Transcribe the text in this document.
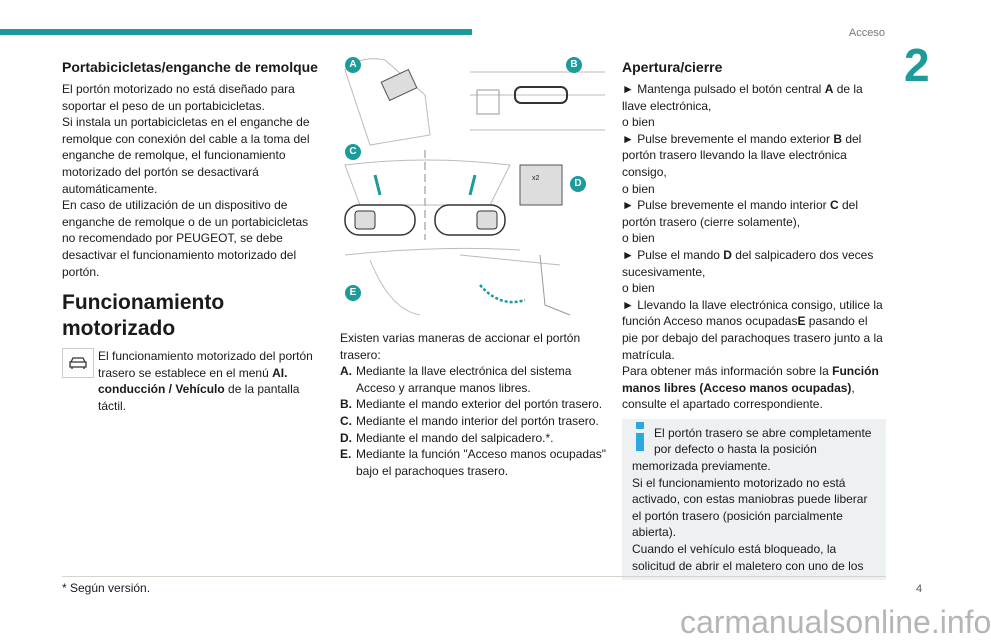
Acceso
2
Portabicicletas/enganche de remolque

El portón motorizado no está diseñado para soportar el peso de un portabicicletas.

Si instala un portabicicletas en el enganche de remolque con conexión del cable a la toma del enganche de remolque, el funcionamiento motorizado del portón se desactivará automáticamente.

En caso de utilización de un dispositivo de enganche de remolque o de un portabicicletas no recomendado por PEUGEOT, se debe desactivar el funcionamiento motorizado del portón.

Funcionamiento motorizado

El funcionamiento motorizado del portón trasero se establece en el menú AI. conducción / Vehículo de la pantalla táctil.

x2
A	B
C
D
E

Existen varias maneras de accionar el portón trasero:

A. Mediante la llave electrónica del sistema Acceso y arranque manos libres.
B. Mediante el mando exterior del portón trasero.
C. Mediante el mando interior del portón trasero.
D. Mediante el mando del salpicadero.*.
E. Mediante la función "Acceso manos ocupadas" bajo el parachoques trasero.
Apertura/cierre

► Mantenga pulsado el botón central A de la llave electrónica,

o bien

► Pulse brevemente el mando exterior B del portón trasero llevando la llave electrónica consigo,

o bien

► Pulse brevemente el mando interior C del portón trasero (cierre solamente),

o bien

► Pulse el mando D del salpicadero dos veces sucesivamente,

o bien

► Llevando la llave electrónica consigo, utilice la función Acceso manos ocupadasE pasando el pie por debajo del parachoques trasero junto a la matrícula.

Para obtener más información sobre la Función manos libres (Acceso manos ocupadas), consulte el apartado correspondiente.

El portón trasero se abre completamente por defecto o hasta la posición memorizada previamente.

Si el funcionamiento motorizado no está activado, con estas maniobras puede liberar el portón trasero (posición parcialmente abierta).

Cuando el vehículo está bloqueado, la solicitud de abrir el maletero con uno de los

* Según versión.	4
carmanualsonline.info
